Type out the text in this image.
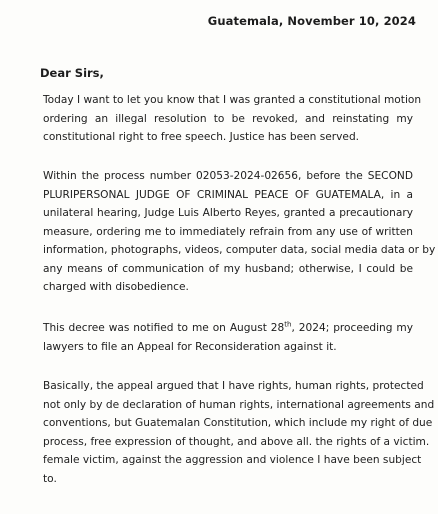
Guatemala, November 10, 2024
Dear Sirs,
Today I want to let you know that I was granted a constitutional motion
ordering an illegal resolution to be revoked, and reinstating my
constitutional right to free speech. Justice has been served.
Within the process number 02053-2024-02656, before the SECOND
PLURIPERSONAL JUDGE OF CRIMINAL PEACE OF GUATEMALA, in a
unilateral hearing, Judge Luis Alberto Reyes, granted a precautionary
measure, ordering me to immediately refrain from any use of written
information, photographs, videos, computer data, social media data or by
any means of communication of my husband; otherwise, I could be
charged with disobedience.
This decree was notified to me on August 28th, 2024; proceeding my
lawyers to file an Appeal for Reconsideration against it.
Basically, the appeal argued that I have rights, human rights, protected
not only by de declaration of human rights, international agreements and
conventions, but Guatemalan Constitution, which include my right of due
process, free expression of thought, and above all. the rights of a victim.
female victim, against the aggression and violence I have been subject
to.
